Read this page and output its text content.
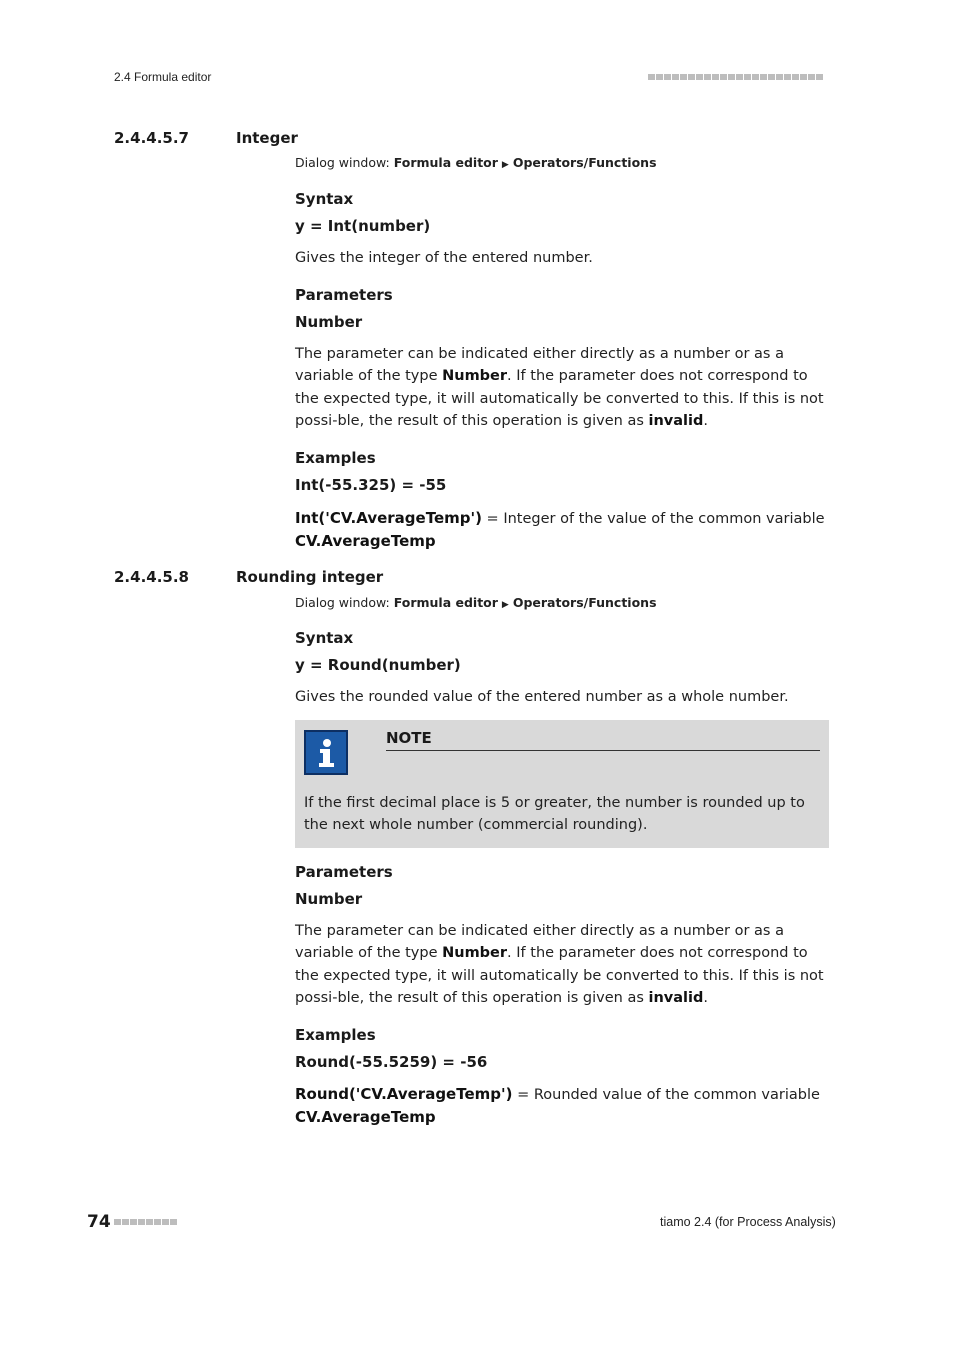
2.4 Formula editor
2.4.4.5.7	Integer
Dialog window: Formula editor ▶ Operators/Functions
Syntax
y = Int(number)
Gives the integer of the entered number.
Parameters
Number
The parameter can be indicated either directly as a number or as a variable of the type Number. If the parameter does not correspond to the expected type, it will automatically be converted to this. If this is not possi-ble, the result of this operation is given as invalid.
Examples
Int(-55.325) = -55
Int('CV.AverageTemp') = Integer of the value of the common variable
CV.AverageTemp
2.4.4.5.8	Rounding integer
Dialog window: Formula editor ▶ Operators/Functions
Syntax
y = Round(number)
Gives the rounded value of the entered number as a whole number.
NOTE
If the first decimal place is 5 or greater, the number is rounded up to the next whole number (commercial rounding).
Parameters
Number
The parameter can be indicated either directly as a number or as a variable of the type Number. If the parameter does not correspond to the expected type, it will automatically be converted to this. If this is not possi-ble, the result of this operation is given as invalid.
Examples
Round(-55.5259) = -56
Round('CV.AverageTemp') = Rounded value of the common variable
CV.AverageTemp
74	tiamo 2.4 (for Process Analysis)
